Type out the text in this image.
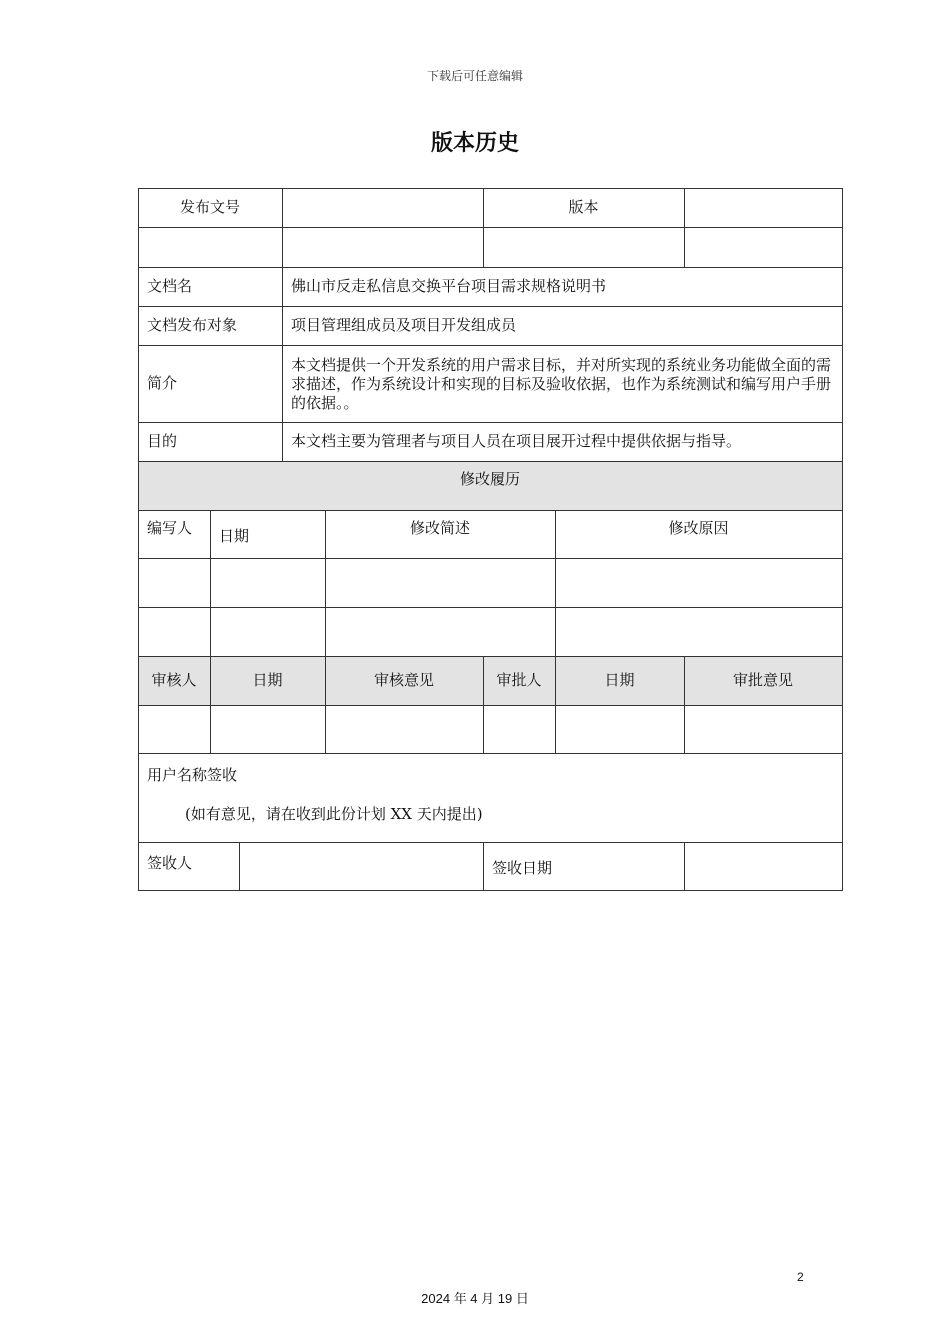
下载后可任意编辑
版本历史
发布文号	版本
文档名	佛山市反走私信息交换平台项目需求规格说明书
文档发布对象	项目管理组成员及项目开发组成员
简介
本文档提供一个开发系统的用户需求目标，并对所实现的系统业务功能做全面的需求描述，作为系统设计和实现的目标及验收依据，也作为系统测试和编写用户手册的依据。。
目的	本文档主要为管理者与项目人员在项目展开过程中提供依据与指导。
修改履历
编写人	日期	修改简述	修改原因
审核人	日期	审核意见	审批人	日期	审批意见
用户名称签收
(如有意见，请在收到此份计划 XX 天内提出)
签收人	签收日期
2
2024 年 4 月 19 日
